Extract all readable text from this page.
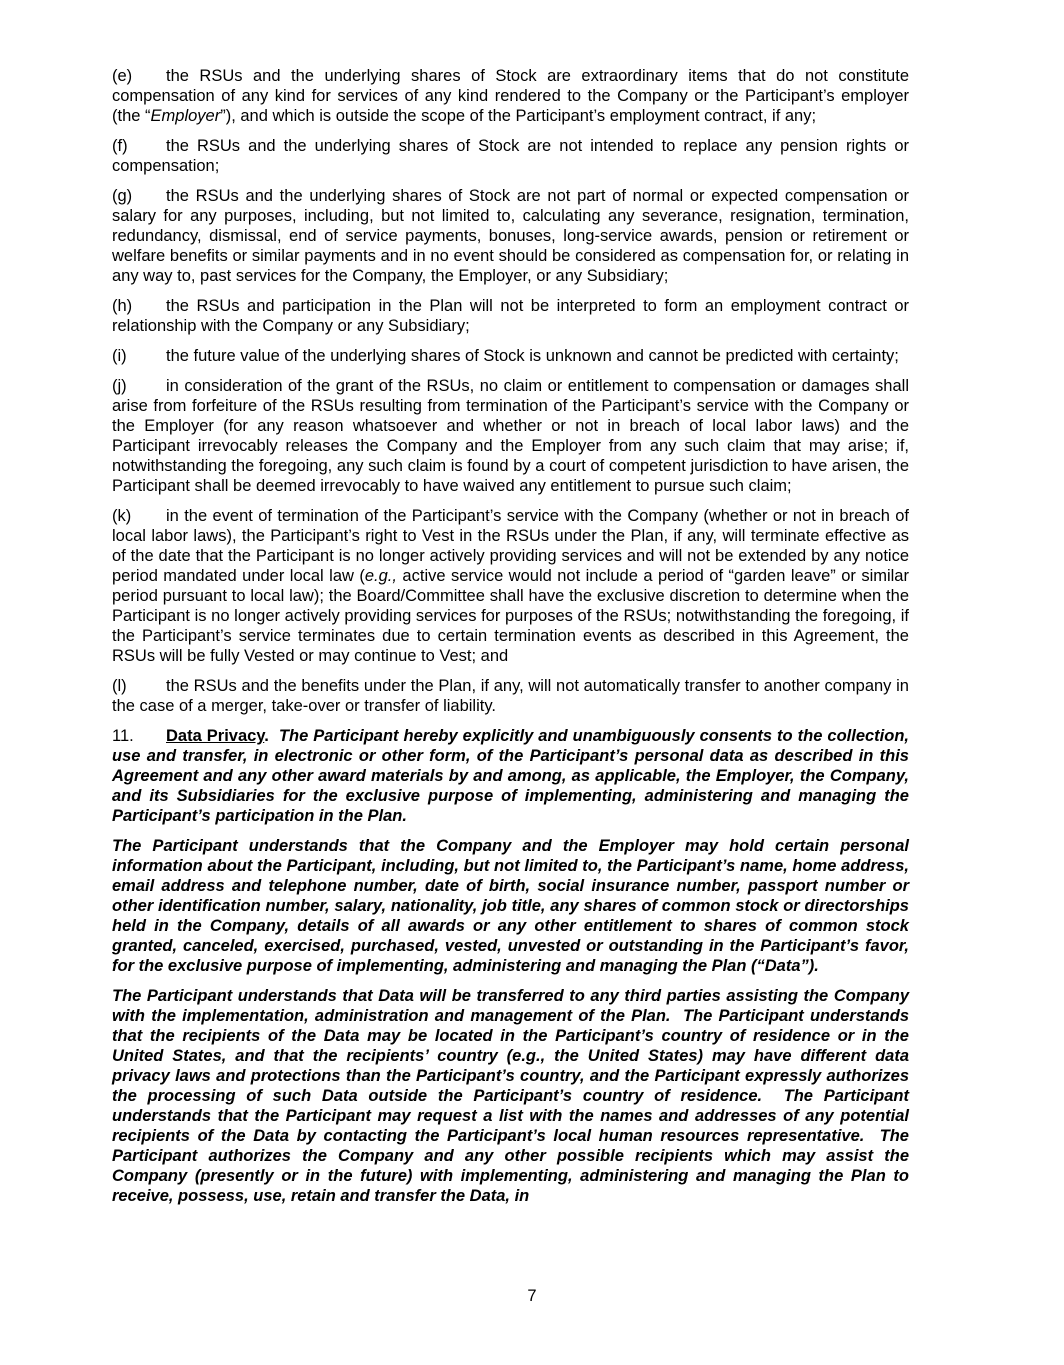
(e) the RSUs and the underlying shares of Stock are extraordinary items that do not constitute compensation of any kind for services of any kind rendered to the Company or the Participant’s employer (the “Employer”), and which is outside the scope of the Participant’s employment contract, if any;

(f) the RSUs and the underlying shares of Stock are not intended to replace any pension rights or compensation;

(g) the RSUs and the underlying shares of Stock are not part of normal or expected compensation or salary for any purposes, including, but not limited to, calculating any severance, resignation, termination, redundancy, dismissal, end of service payments, bonuses, long-service awards, pension or retirement or welfare benefits or similar payments and in no event should be considered as compensation for, or relating in any way to, past services for the Company, the Employer, or any Subsidiary;

(h) the RSUs and participation in the Plan will not be interpreted to form an employment contract or relationship with the Company or any Subsidiary;

(i) the future value of the underlying shares of Stock is unknown and cannot be predicted with certainty;

(j) in consideration of the grant of the RSUs, no claim or entitlement to compensation or damages shall arise from forfeiture of the RSUs resulting from termination of the Participant’s service with the Company or the Employer (for any reason whatsoever and whether or not in breach of local labor laws) and the Participant irrevocably releases the Company and the Employer from any such claim that may arise; if, notwithstanding the foregoing, any such claim is found by a court of competent jurisdiction to have arisen, the Participant shall be deemed irrevocably to have waived any entitlement to pursue such claim;

(k) in the event of termination of the Participant’s service with the Company (whether or not in breach of local labor laws), the Participant’s right to Vest in the RSUs under the Plan, if any, will terminate effective as of the date that the Participant is no longer actively providing services and will not be extended by any notice period mandated under local law (e.g., active service would not include a period of “garden leave” or similar period pursuant to local law); the Board/Committee shall have the exclusive discretion to determine when the Participant is no longer actively providing services for purposes of the RSUs; notwithstanding the foregoing, if the Participant’s service terminates due to certain termination events as described in this Agreement, the RSUs will be fully Vested or may continue to Vest; and

(l) the RSUs and the benefits under the Plan, if any, will not automatically transfer to another company in the case of a merger, take-over or transfer of liability.

11. Data Privacy.  The Participant hereby explicitly and unambiguously consents to the collection, use and transfer, in electronic or other form, of the Participant’s personal data as described in this Agreement and any other award materials by and among, as applicable, the Employer, the Company, and its Subsidiaries for the exclusive purpose of implementing, administering and managing the Participant’s participation in the Plan.

The Participant understands that the Company and the Employer may hold certain personal information about the Participant, including, but not limited to, the Participant’s name, home address, email address and telephone number, date of birth, social insurance number, passport number or other identification number, salary, nationality, job title, any shares of common stock or directorships held in the Company, details of all awards or any other entitlement to shares of common stock granted, canceled, exercised, purchased, vested, unvested or outstanding in the Participant’s favor, for the exclusive purpose of implementing, administering and managing the Plan (“Data”).

The Participant understands that Data will be transferred to any third parties assisting the Company with the implementation, administration and management of the Plan.  The Participant understands that the recipients of the Data may be located in the Participant’s country of residence or in the United States, and that the recipients’ country (e.g., the United States) may have different data privacy laws and protections than the Participant’s country, and the Participant expressly authorizes the processing of such Data outside the Participant’s country of residence.  The Participant understands that the Participant may request a list with the names and addresses of any potential recipients of the Data by contacting the Participant’s local human resources representative.  The Participant authorizes the Company and any other possible recipients which may assist the Company (presently or in the future) with implementing, administering and managing the Plan to receive, possess, use, retain and transfer the Data, in

7
